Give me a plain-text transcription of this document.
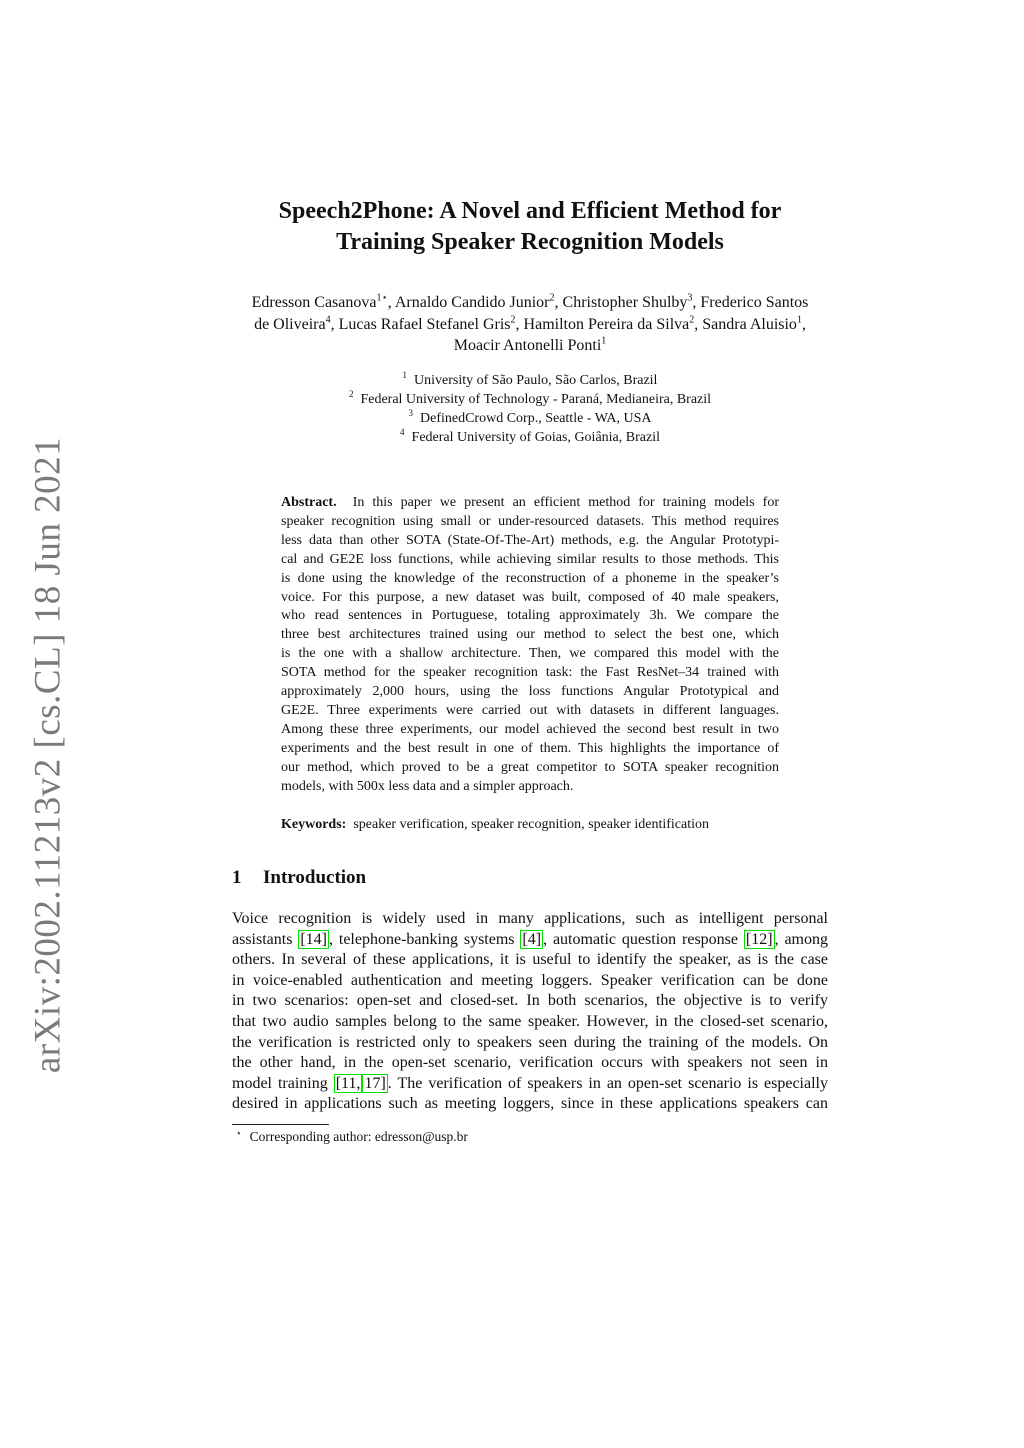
arXiv:2002.11213v2 [cs.CL] 18 Jun 2021
Speech2Phone: A Novel and Efficient Method for
Training Speaker Recognition Models
Edresson Casanova$^{1⋆}$, Arnaldo Candido Junior$^2$, Christopher Shulby$^3$, Frederico Santos
de Oliveira$^4$, Lucas Rafael Stefanel Gris$^2$, Hamilton Pereira da Silva$^2$, Sandra Aluisio$^1$,
Moacir Antonelli Ponti$^1$
$^1$ University of São Paulo, São Carlos, Brazil
$^2$ Federal University of Technology - Paraná, Medianeira, Brazil
$^3$ DefinedCrowd Corp., Seattle - WA, USA
$^4$ Federal University of Goias, Goiânia, Brazil
Abstract. In this paper we present an efficient method for training models for
speaker recognition using small or under-resourced datasets. This method requires
less data than other SOTA (State-Of-The-Art) methods, e.g. the Angular Prototypi-
cal and GE2E loss functions, while achieving similar results to those methods. This
is done using the knowledge of the reconstruction of a phoneme in the speaker’s
voice. For this purpose, a new dataset was built, composed of 40 male speakers,
who read sentences in Portuguese, totaling approximately 3h. We compare the
three best architectures trained using our method to select the best one, which
is the one with a shallow architecture. Then, we compared this model with the
SOTA method for the speaker recognition task: the Fast ResNet–34 trained with
approximately 2,000 hours, using the loss functions Angular Prototypical and
GE2E. Three experiments were carried out with datasets in different languages.
Among these three experiments, our model achieved the second best result in two
experiments and the best result in one of them. This highlights the importance of
our method, which proved to be a great competitor to SOTA speaker recognition
models, with 500x less data and a simpler approach.
Keywords: speaker verification, speaker recognition, speaker identification
1 Introduction
Voice recognition is widely used in many applications, such as intelligent personal
assistants [14] , telephone-banking systems [4] , automatic question response [12] , among
others. In several of these applications, it is useful to identify the speaker, as is the case
in voice-enabled authentication and meeting loggers. Speaker verification can be done
in two scenarios: open-set and closed-set. In both scenarios, the objective is to verify
that two audio samples belong to the same speaker. However, in the closed-set scenario,
the verification is restricted only to speakers seen during the training of the models. On
the other hand, in the open-set scenario, verification occurs with speakers not seen in
model training [11, 17] . The verification of speakers in an open-set scenario is especially
desired in applications such as meeting loggers, since in these applications speakers can
⋆ Corresponding author: edresson@usp.br
